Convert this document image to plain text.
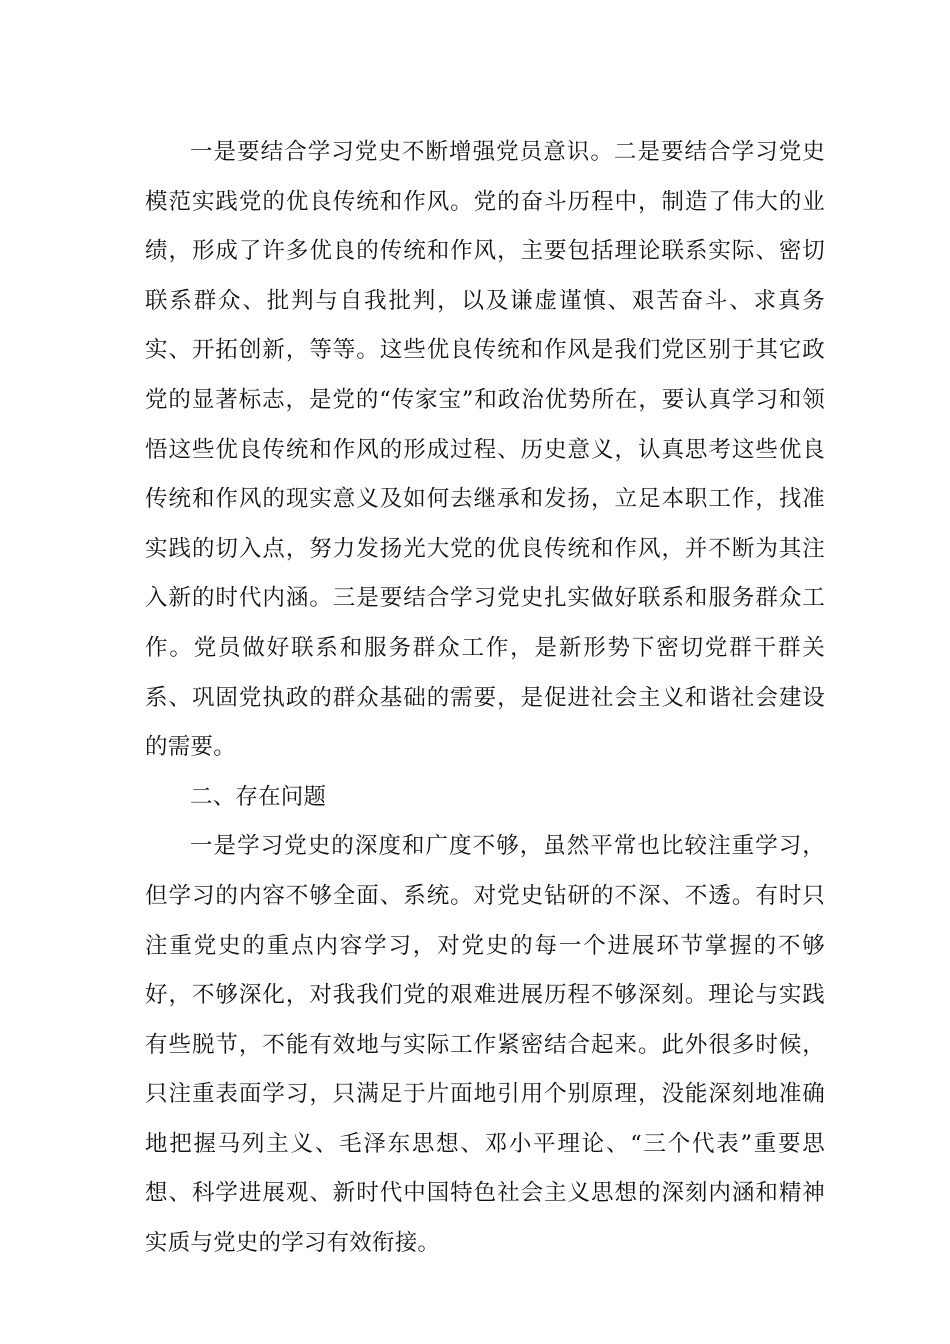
一是要结合学习党史不断增强党员意识。二是要结合学习党史模范实践党的优良传统和作风。党的奋斗历程中，制造了伟大的业绩，形成了许多优良的传统和作风，主要包括理论联系实际、密切联系群众、批判与自我批判，以及谦虚谨慎、艰苦奋斗、求真务实、开拓创新，等等。这些优良传统和作风是我们党区别于其它政党的显著标志，是党的“传家宝”和政治优势所在，要认真学习和领悟这些优良传统和作风的形成过程、历史意义，认真思考这些优良传统和作风的现实意义及如何去继承和发扬，立足本职工作，找准实践的切入点，努力发扬光大党的优良传统和作风，并不断为其注入新的时代内涵。三是要结合学习党史扎实做好联系和服务群众工作。党员做好联系和服务群众工作，是新形势下密切党群干群关系、巩固党执政的群众基础的需要，是促进社会主义和谐社会建设的需要。

二、存在问题

一是学习党史的深度和广度不够，虽然平常也比较注重学习，但学习的内容不够全面、系统。对党史钻研的不深、不透。有时只注重党史的重点内容学习，对党史的每一个进展环节掌握的不够好，不够深化，对我我们党的艰难进展历程不够深刻。理论与实践有些脱节，不能有效地与实际工作紧密结合起来。此外很多时候，只注重表面学习，只满足于片面地引用个别原理，没能深刻地准确地把握马列主义、毛泽东思想、邓小平理论、“三个代表”重要思想、科学进展观、新时代中国特色社会主义思想的深刻内涵和精神实质与党史的学习有效衔接。
